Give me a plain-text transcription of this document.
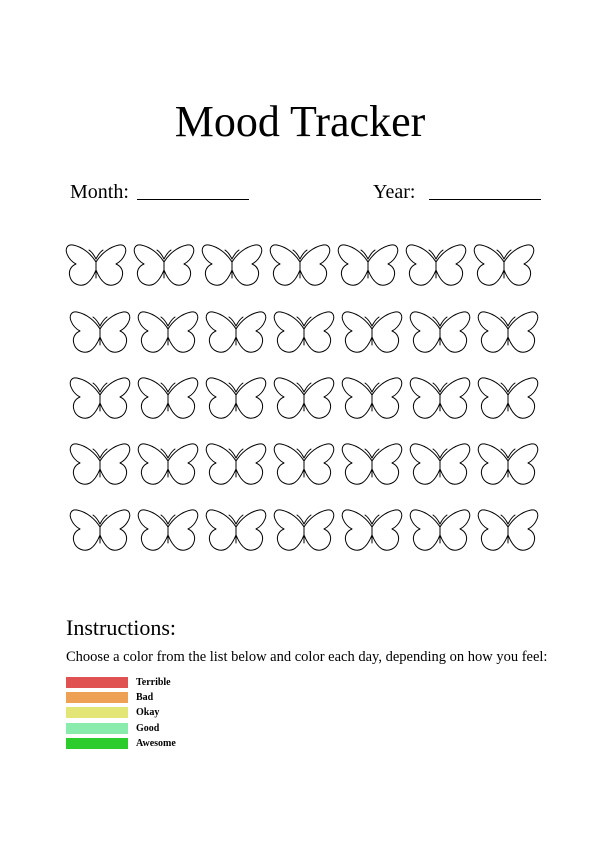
Mood Tracker
Month:	Year:
Instructions:
Choose a color from the list below and color each day, depending on how you feel:
Terrible
Bad
Okay
Good
Awesome
